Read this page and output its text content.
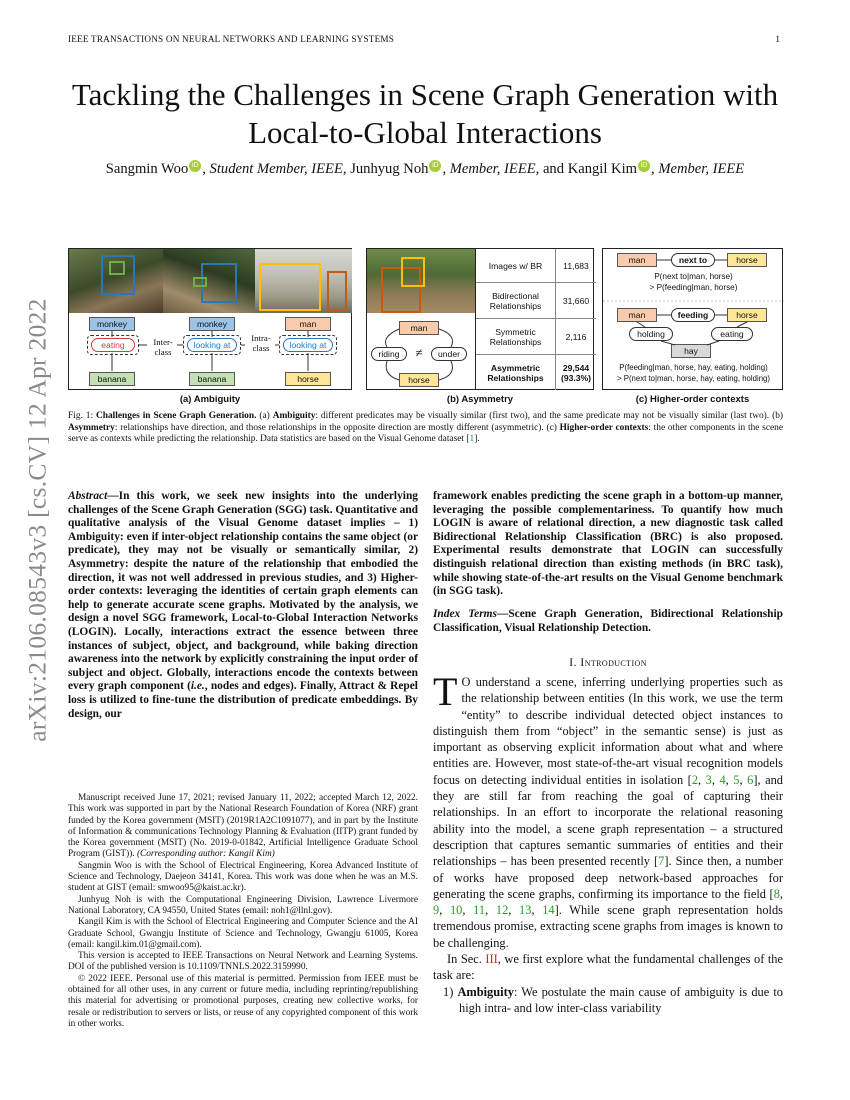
IEEE TRANSACTIONS ON NEURAL NETWORKS AND LEARNING SYSTEMS	1
arXiv:2106.08543v3 [cs.CV] 12 Apr 2022
Tackling the Challenges in Scene Graph Generation with Local-to-Global Interactions
Sangmin Woo iD , Student Member, IEEE, Junhyug Noh iD , Member, IEEE, and Kangil Kim iD , Member, IEEE
monkey
eating
banana
Inter-
class
monkey
looking at
banana
Intra-
class
man
looking at
horse
(a) Ambiguity
man
riding	≠	under
horse
Images w/ BR	11,683
Bidirectional Relationships	31,660
Symmetric Relationships	2,116
Asymmetric Relationships
29,544 (93.3%)
(b) Asymmetry
man	next to	horse
P(next to|man, horse)
> P(feeding|man, horse)
man	feeding	horse
holding	eating
hay
P(feeding|man, horse, hay, eating, holding)
> P(next to|man, horse, hay, eating, holding)
(c) Higher-order contexts
Fig. 1: Challenges in Scene Graph Generation. (a) Ambiguity: different predicates may be visually similar (first two), and the same predicate may not be visually similar (last two). (b) Asymmetry: relationships have direction, and those relationships in the opposite direction are mostly different (asymmetric). (c) Higher-order contexts: the other components in the scene serve as contexts while predicting the relationship. Data statistics are based on the Visual Genome dataset [1].
Abstract—In this work, we seek new insights into the underlying challenges of the Scene Graph Generation (SGG) task. Quantitative and qualitative analysis of the Visual Genome dataset implies – 1) Ambiguity: even if inter-object relationship contains the same object (or predicate), they may not be visually or semantically similar, 2) Asymmetry: despite the nature of the relationship that embodied the direction, it was not well addressed in previous studies, and 3) Higher-order contexts: leveraging the identities of certain graph elements can help to generate accurate scene graphs. Motivated by the analysis, we design a novel SGG framework, Local-to-Global Interaction Networks (LOGIN). Locally, interactions extract the essence between three instances of subject, object, and background, while baking direction awareness into the network by explicitly constraining the input order of subject and object. Globally, interactions encode the contexts between every graph component (i.e., nodes and edges). Finally, Attract & Repel loss is utilized to fine-tune the distribution of predicate embeddings. By design, our

Manuscript received June 17, 2021; revised January 11, 2022; accepted March 12, 2022. This work was supported in part by the National Research Foundation of Korea (NRF) grant funded by the Korea government (MSIT) (2019R1A2C1091077), and in part by the Institute of Information & communications Technology Planning & Evaluation (IITP) grant funded by the Korea government (MSIT) (No. 2019-0-01842, Artificial Intelligence Graduate School Program (GIST)). (Corresponding author: Kangil Kim)

Sangmin Woo is with the School of Electrical Engineering, Korea Advanced Institute of Science and Technology, Daejeon 34141, Korea. This work was done when he was an M.S. student at GIST (email: smwoo95@kaist.ac.kr).

Junhyug Noh is with the Computational Engineering Division, Lawrence Livermore National Laboratory, CA 94550, United States (email: noh1@llnl.gov).

Kangil Kim is with the School of Electrical Engineering and Computer Science and the AI Graduate School, Gwangju Institute of Science and Technology, Gwangju 61005, Korea (email: kangil.kim.01@gmail.com).

This version is accepted to IEEE Transactions on Neural Network and Learning Systems. DOI of the published version is 10.1109/TNNLS.2022.3159990.

© 2022 IEEE. Personal use of this material is permitted. Permission from IEEE must be obtained for all other uses, in any current or future media, including reprinting/republishing this material for advertising or promotional purposes, creating new collective works, for resale or redistribution to servers or lists, or reuse of any copyrighted component of this work in other works.

framework enables predicting the scene graph in a bottom-up manner, leveraging the possible complementariness. To quantify how much LOGIN is aware of relational direction, a new diagnostic task called Bidirectional Relationship Classification (BRC) is also proposed. Experimental results demonstrate that LOGIN can successfully distinguish relational direction than existing methods (in BRC task), while showing state-of-the-art results on the Visual Genome benchmark (in SGG task).
Index Terms—Scene Graph Generation, Bidirectional Relationship Classification, Visual Relationship Detection.
I. Introduction

T O understand a scene, inferring underlying properties such as the relationship between entities (In this work, we use the term “entity” to describe individual detected object instances to distinguish them from “object” in the semantic sense) is just as important as observing explicit information about what and where entities are. However, most state-of-the-art visual recognition models focus on detecting individual entities in isolation [2, 3, 4, 5, 6], and they are still far from reaching the goal of capturing their relationships. In an effort to incorporate the relational reasoning ability into the model, a scene graph representation – a structured description that captures semantic summaries of entities and their relationships – has been presented recently [7]. Since then, a number of works have proposed deep network-based approaches for generating the scene graphs, confirming its importance to the field [8, 9, 10, 11, 12, 13, 14]. While scene graph representation holds tremendous promise, extracting scene graphs from images is known to be challenging.

In Sec. III, we first explore what the fundamental challenges of the task are:

1) Ambiguity: We postulate the main cause of ambiguity is due to high intra- and low inter-class variability
